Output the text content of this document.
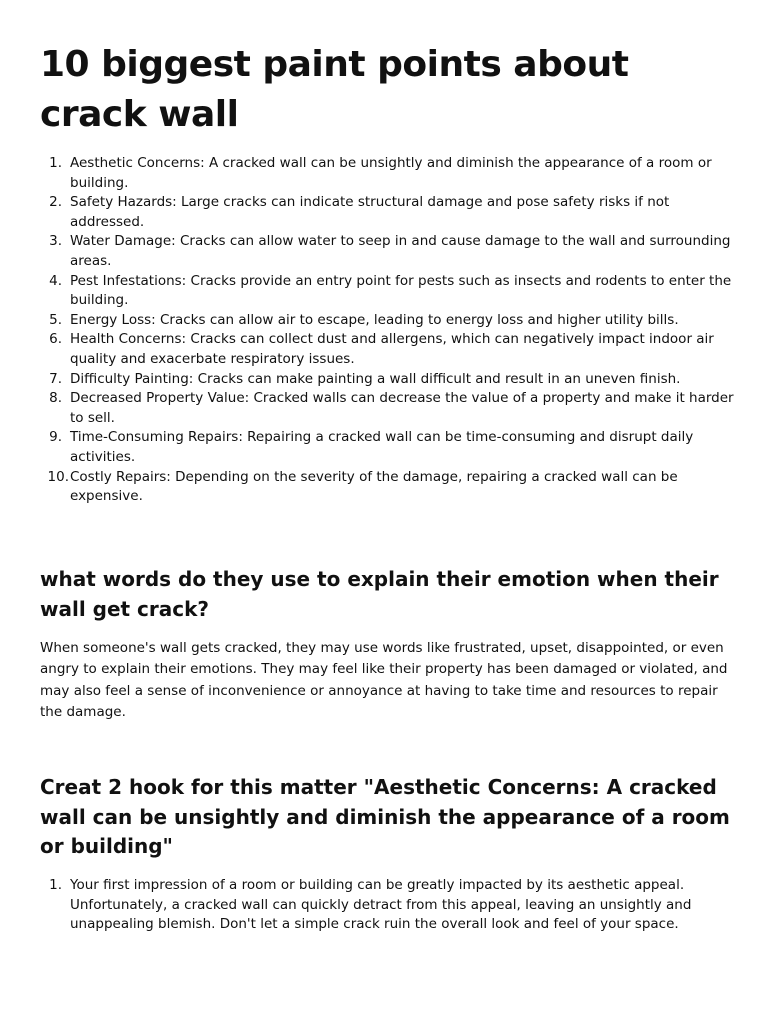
10 biggest paint points about crack wall
1. Aesthetic Concerns: A cracked wall can be unsightly and diminish the appearance of a room or building.
2. Safety Hazards: Large cracks can indicate structural damage and pose safety risks if not addressed.
3. Water Damage: Cracks can allow water to seep in and cause damage to the wall and surrounding areas.
4. Pest Infestations: Cracks provide an entry point for pests such as insects and rodents to enter the building.
5. Energy Loss: Cracks can allow air to escape, leading to energy loss and higher utility bills.
6. Health Concerns: Cracks can collect dust and allergens, which can negatively impact indoor air quality and exacerbate respiratory issues.
7. Difficulty Painting: Cracks can make painting a wall difficult and result in an uneven finish.
8. Decreased Property Value: Cracked walls can decrease the value of a property and make it harder to sell.
9. Time-Consuming Repairs: Repairing a cracked wall can be time-consuming and disrupt daily activities.
10. Costly Repairs: Depending on the severity of the damage, repairing a cracked wall can be expensive.
what words do they use to explain their emotion when their wall get crack?

When someone's wall gets cracked, they may use words like frustrated, upset, disappointed, or even angry to explain their emotions. They may feel like their property has been damaged or violated, and may also feel a sense of inconvenience or annoyance at having to take time and resources to repair the damage.

Creat 2 hook for this matter "Aesthetic Concerns: A cracked wall can be unsightly and diminish the appearance of a room or building"
1. Your first impression of a room or building can be greatly impacted by its aesthetic appeal. Unfortunately, a cracked wall can quickly detract from this appeal, leaving an unsightly and unappealing blemish. Don't let a simple crack ruin the overall look and feel of your space.
